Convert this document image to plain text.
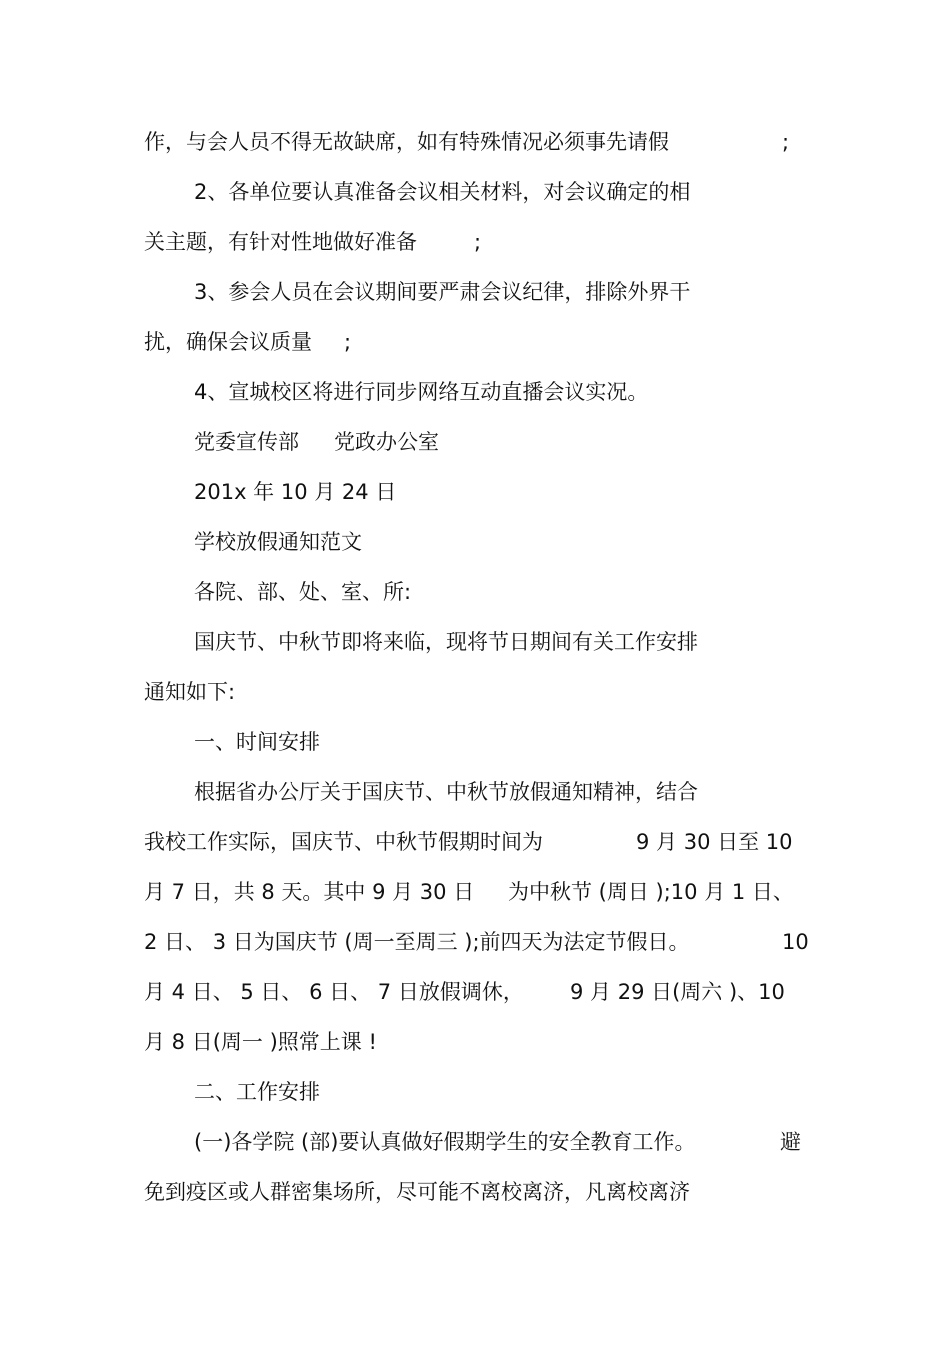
作，与会人员不得无故缺席，如有特殊情况必须事先请假

	;

2、各单位要认真准备会议相关材料，对会议确定的相

关主题，有针对性地做好准备

	;

3、参会人员在会议期间要严肃会议纪律，排除外界干

扰，确保会议质量

;

4、宣城校区将进行同步网络互动直播会议实况。

党委宣传部

党政办公室

201x 年 10 月 24 日

学校放假通知范文

各院、部、处、室、所:

国庆节、中秋节即将来临，现将节日期间有关工作安排

通知如下:

一、时间安排

根据省办公厅关于国庆节、中秋节放假通知精神，结合

我校工作实际，国庆节、中秋节假期时间为

	9 月 30 日至 10

月 7 日，共 8 天。其中 9 月 30 日

为中秋节 (周日 );10 月 1 日、

2 日、 3 日为国庆节 (周一至周三 );前四天为法定节假日。

	10

月 4 日、 5 日、 6 日、 7 日放假调休，

9 月 29 日(周六 )、10

月 8 日(周一 )照常上课 !

二、工作安排

(一)各学院 (部)要认真做好假期学生的安全教育工作。

	避

免到疫区或人群密集场所，尽可能不离校离济，凡离校离济
